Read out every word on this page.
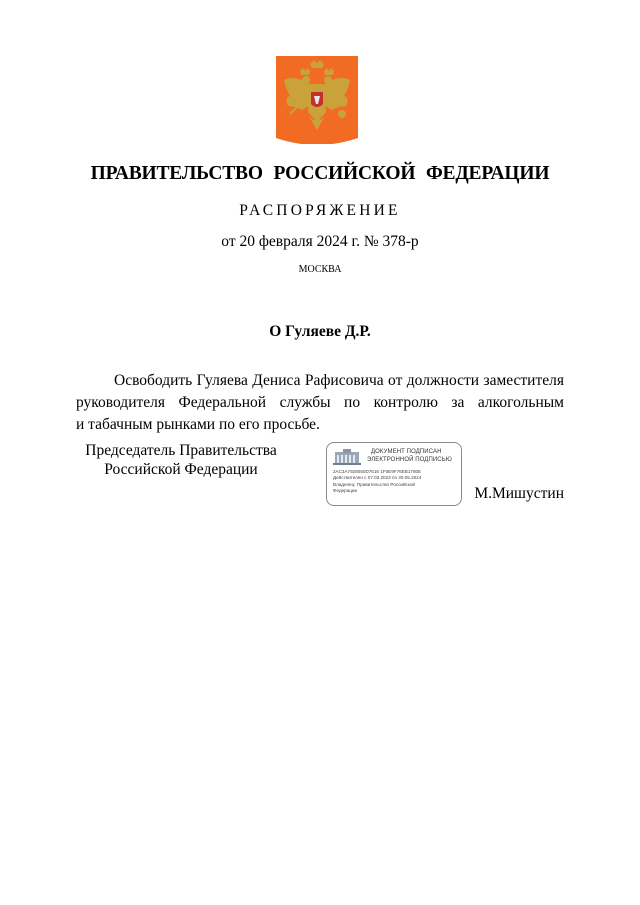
ПРАВИТЕЛЬСТВО РОССИЙСКОЙ ФЕДЕРАЦИИ
РАСПОРЯЖЕНИЕ
от 20 февраля 2024 г. № 378-р
МОСКВА
О Гуляеве Д.Р.
Освободить Гуляева Дениса Рафисовича от должности заместителя
руководителя Федеральной службы по контролю за алкогольным
и табачным рынками по его просьбе.
Председатель Правительства
Российской Федерации
ДОКУМЕНТ ПОДПИСАН
ЭЛЕКТРОННОЙ ПОДПИСЬЮ
2AC3A7928050D7616 1F0E9F76EB1780E
Действителен с 07.03.2023 по 30.05.2024
Владелец: Правительство Российской
Федерации	М.Мишустин
